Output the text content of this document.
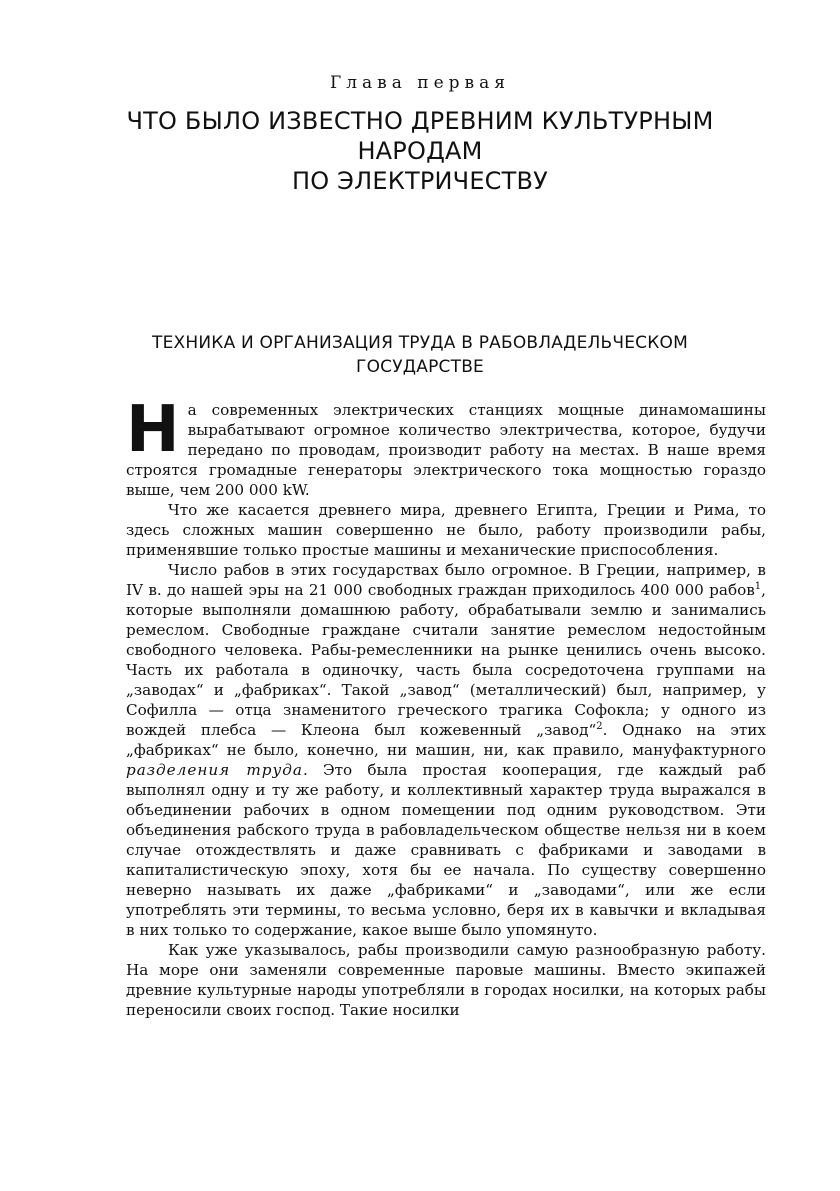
Глава первая
ЧТО БЫЛО ИЗВЕСТНО ДРЕВНИМ КУЛЬТУРНЫМ НАРОДАМ
ПО ЭЛЕКТРИЧЕСТВУ
ТЕХНИКА И ОРГАНИЗАЦИЯ ТРУДА В РАБОВЛАДЕЛЬЧЕСКОМ
ГОСУДАРСТВЕ

На современных электрических станциях мощные динамомашины вырабатывают огромное количество электричества, которое, будучи передано по проводам, производит работу на местах. В наше время строятся громадные генераторы электрического тока мощностью гораздо выше, чем 200 000 kW.

Что же касается древнего мира, древнего Египта, Греции и Рима, то здесь сложных машин совершенно не было, работу производили рабы, применявшие только простые машины и механические приспособления.

Число рабов в этих государствах было огромное. В Греции, например, в IV в. до нашей эры на 21 000 свободных граждан приходилось 400 000 рабов$^1$, которые выполняли домашнюю работу, обрабатывали землю и занимались ремеслом. Свободные граждане считали занятие ремеслом недостойным свободного человека. Рабы-ремесленники на рынке ценились очень высоко. Часть их работала в одиночку, часть была сосредоточена группами на „заводах“ и „фабриках“. Такой „завод“ (металлический) был, например, у Софилла — отца знаменитого греческого трагика Софокла; у одного из вождей плебса — Клеона был кожевенный „завод“$^2$. Однако на этих „фабриках“ не было, конечно, ни машин, ни, как правило, мануфактурного разделения труда. Это была простая кооперация, где каждый раб выполнял одну и ту же работу, и коллективный характер труда выражался в объединении рабочих в одном помещении под одним руководством. Эти объединения рабского труда в рабовладельческом обществе нельзя ни в коем случае отождествлять и даже сравнивать с фабриками и заводами в капиталистическую эпоху, хотя бы ее начала. По существу совершенно неверно называть их даже „фабриками“ и „заводами“, или же если употреблять эти термины, то весьма условно, беря их в кавычки и вкладывая в них только то содержание, какое выше было упомянуто.

Как уже указывалось, рабы производили самую разнообразную работу. На море они заменяли современные паровые машины. Вместо экипажей древние культурные народы употребляли в городах носилки, на которых рабы переносили своих господ. Такие носилки
